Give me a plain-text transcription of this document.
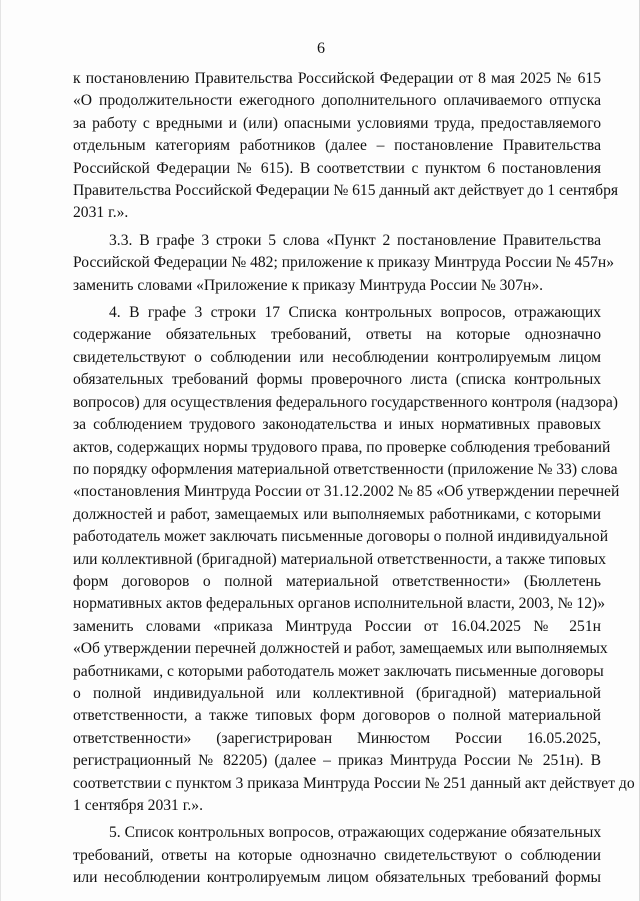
6
к постановлению Правительства Российской Федерации от 8 мая 2025 № 615
«О продолжительности ежегодного дополнительного оплачиваемого отпуска
за работу с вредными и (или) опасными условиями труда, предоставляемого
отдельным категориям работников (далее – постановление Правительства
Российской Федерации № 615). В соответствии с пунктом 6 постановления
Правительства Российской Федерации № 615 данный акт действует до 1 сентября
2031 г.».
3.3. В графе 3 строки 5 слова «Пункт 2 постановление Правительства
Российской Федерации № 482; приложение к приказу Минтруда России № 457н»
заменить словами «Приложение к приказу Минтруда России № 307н».
4. В графе 3 строки 17 Списка контрольных вопросов, отражающих
содержание обязательных требований, ответы на которые однозначно
свидетельствуют о соблюдении или несоблюдении контролируемым лицом
обязательных требований формы проверочного листа (списка контрольных
вопросов) для осуществления федерального государственного контроля (надзора)
за соблюдением трудового законодательства и иных нормативных правовых
актов, содержащих нормы трудового права, по проверке соблюдения требований
по порядку оформления материальной ответственности (приложение № 33) слова
«постановления Минтруда России от 31.12.2002 № 85 «Об утверждении перечней
должностей и работ, замещаемых или выполняемых работниками, с которыми
работодатель может заключать письменные договоры о полной индивидуальной
или коллективной (бригадной) материальной ответственности, а также типовых
форм договоров о полной материальной ответственности» (Бюллетень
нормативных актов федеральных органов исполнительной власти, 2003, № 12)»
заменить словами «приказа Минтруда России от 16.04.2025 № 251н
«Об утверждении перечней должностей и работ, замещаемых или выполняемых
работниками, с которыми работодатель может заключать письменные договоры
о полной индивидуальной или коллективной (бригадной) материальной
ответственности, а также типовых форм договоров о полной материальной
ответственности» (зарегистрирован Минюстом России 16.05.2025,
регистрационный № 82205) (далее – приказ Минтруда России № 251н). В
соответствии с пунктом 3 приказа Минтруда России № 251 данный акт действует до
1 сентября 2031 г.».
5. Список контрольных вопросов, отражающих содержание обязательных
требований, ответы на которые однозначно свидетельствуют о соблюдении
или несоблюдении контролируемым лицом обязательных требований формы
